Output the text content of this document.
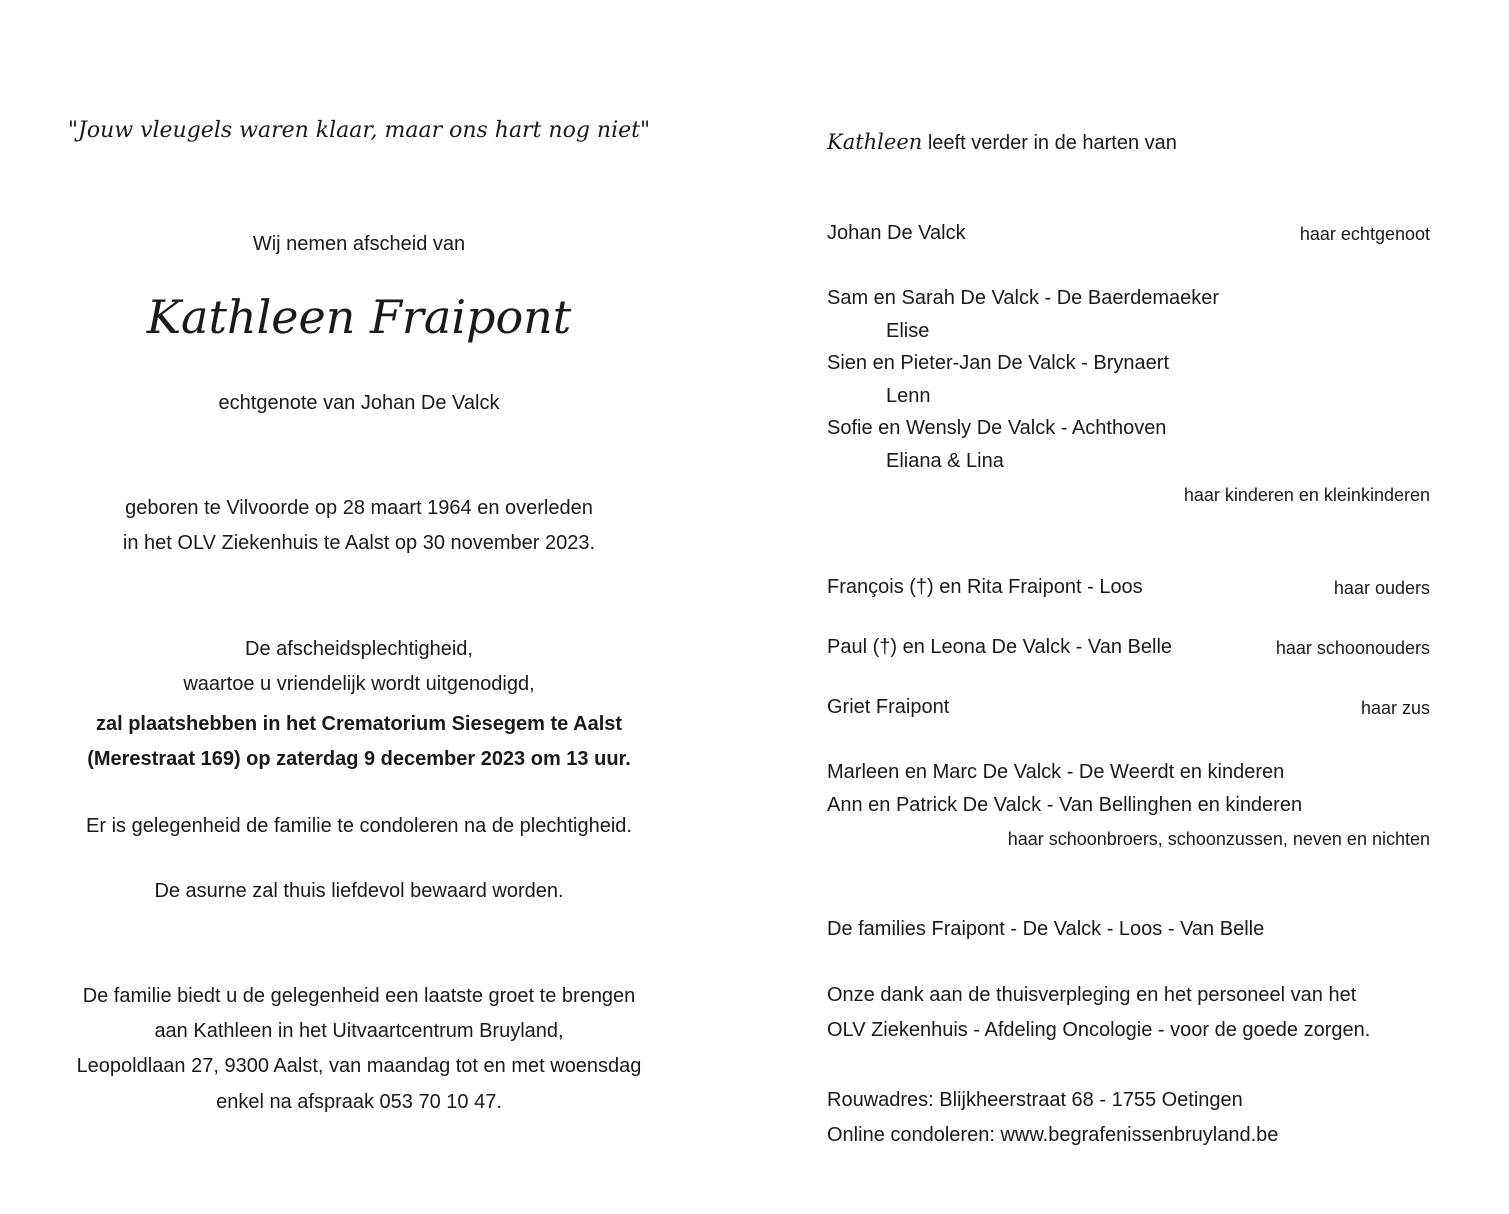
"Jouw vleugels waren klaar, maar ons hart nog niet"
Wij nemen afscheid van
Kathleen Fraipont
echtgenote van Johan De Valck
geboren te Vilvoorde op 28 maart 1964 en overleden
in het OLV Ziekenhuis te Aalst op 30 november 2023.
De afscheidsplechtigheid,
waartoe u vriendelijk wordt uitgenodigd,
zal plaatshebben in het Crematorium Siesegem te Aalst
(Merestraat 169) op zaterdag 9 december 2023 om 13 uur.
Er is gelegenheid de familie te condoleren na de plechtigheid.
De asurne zal thuis liefdevol bewaard worden.
De familie biedt u de gelegenheid een laatste groet te brengen
aan Kathleen in het Uitvaartcentrum Bruyland,
Leopoldlaan 27, 9300 Aalst, van maandag tot en met woensdag
enkel na afspraak 053 70 10 47.
Kathleen leeft verder in de harten van
Johan De Valck	haar echtgenoot
Sam en Sarah De Valck - De Baerdemaeker
Elise
Sien en Pieter-Jan De Valck - Brynaert
Lenn
Sofie en Wensly De Valck - Achthoven
Eliana & Lina
haar kinderen en kleinkinderen
François (†) en Rita Fraipont - Loos	haar ouders
Paul (†) en Leona De Valck - Van Belle	haar schoonouders
Griet Fraipont	haar zus
Marleen en Marc De Valck - De Weerdt en kinderen
Ann en Patrick De Valck - Van Bellinghen en kinderen
haar schoonbroers, schoonzussen, neven en nichten
De families Fraipont - De Valck - Loos - Van Belle
Onze dank aan de thuisverpleging en het personeel van het
OLV Ziekenhuis - Afdeling Oncologie - voor de goede zorgen.
Rouwadres: Blijkheerstraat 68 - 1755 Oetingen
Online condoleren: www.begrafenissenbruyland.be
